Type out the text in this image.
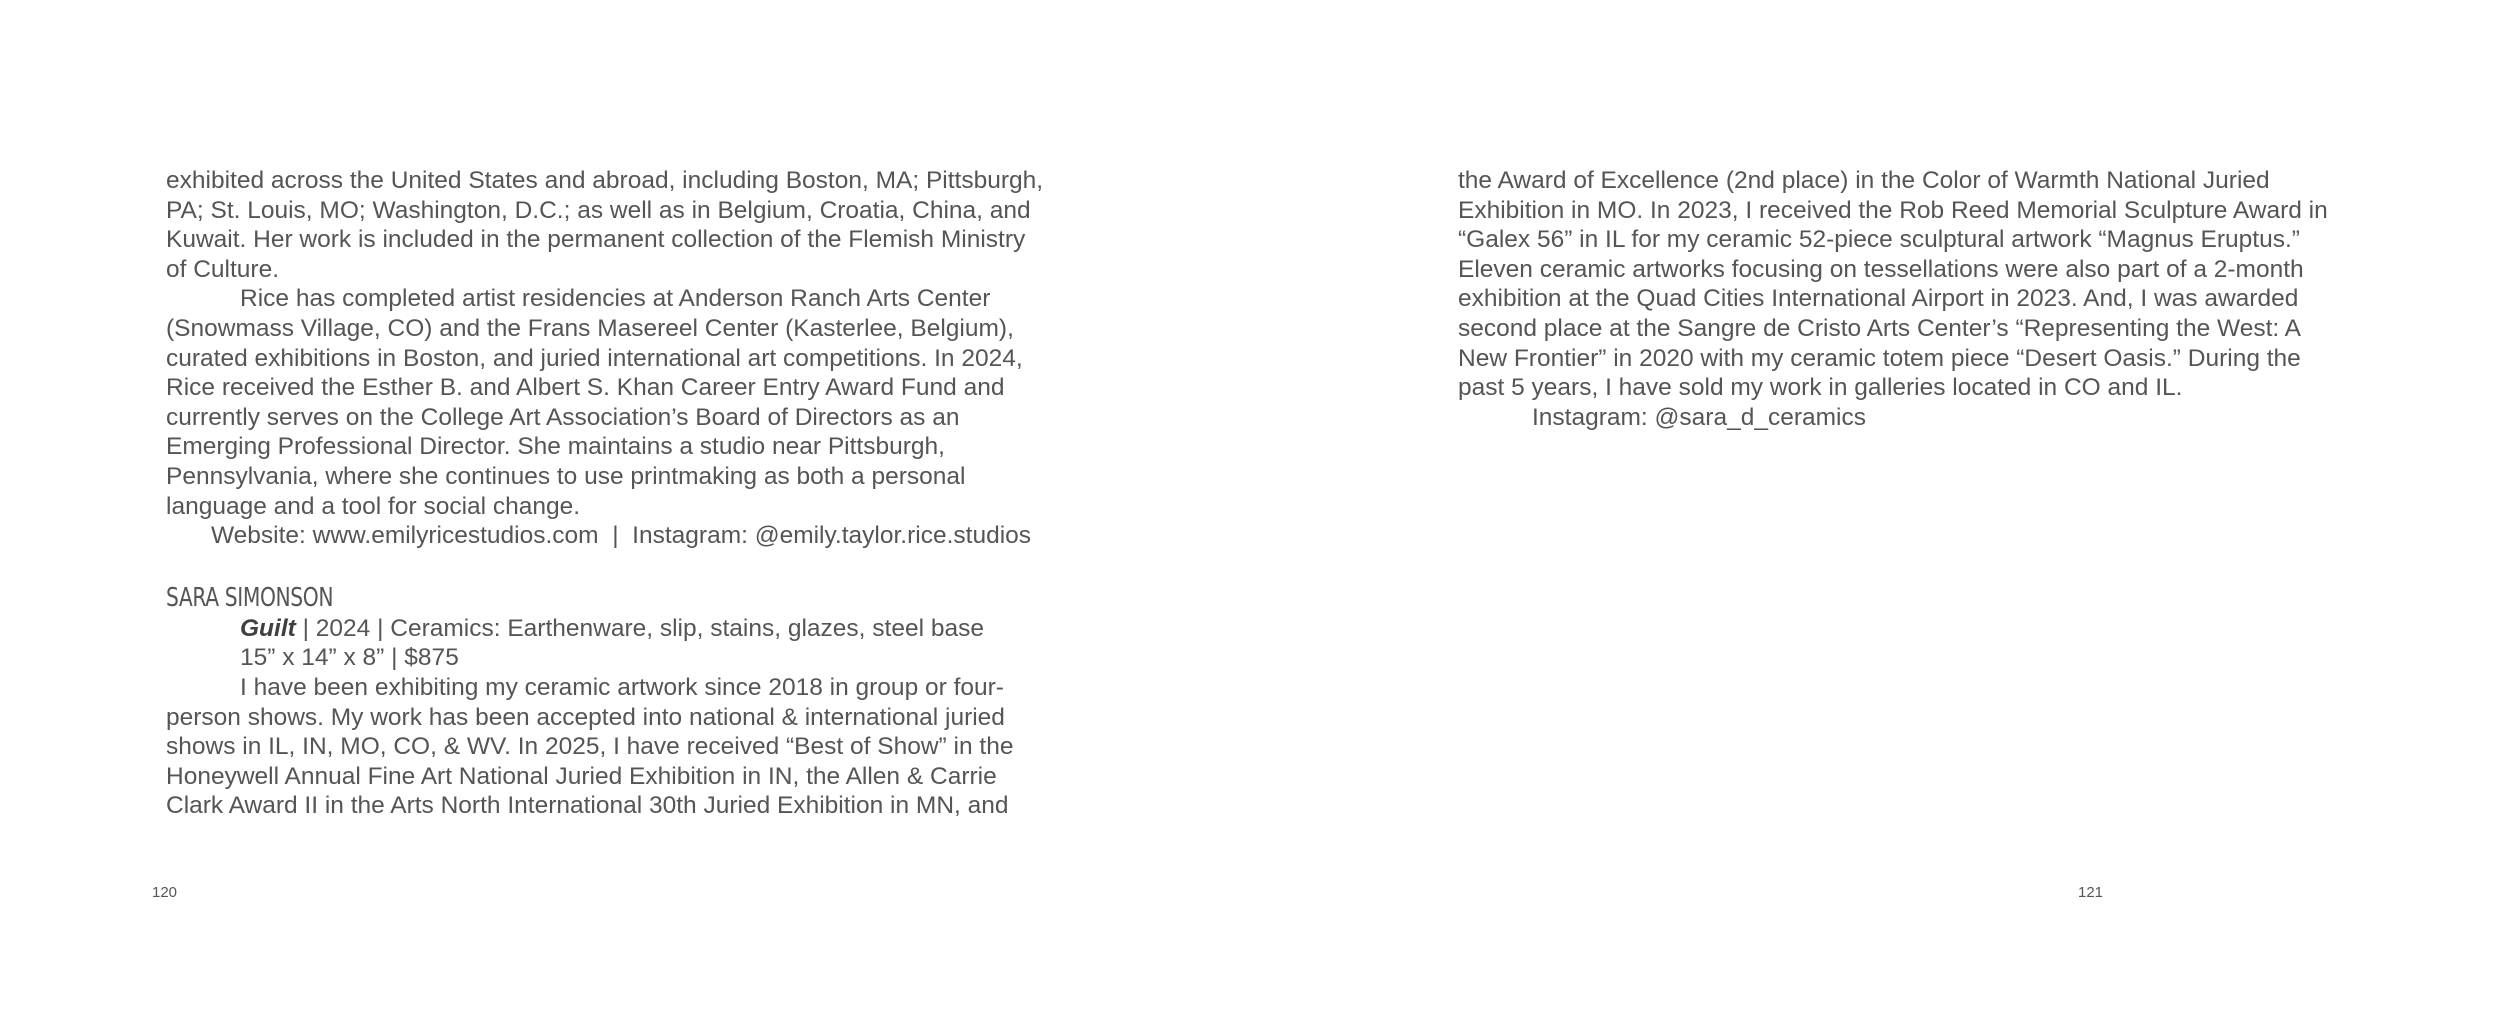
exhibited across the United States and abroad, including Boston, MA; Pittsburgh,
PA; St. Louis, MO; Washington, D.C.; as well as in Belgium, Croatia, China, and
Kuwait. Her work is included in the permanent collection of the Flemish Ministry
of Culture.
Rice has completed artist residencies at Anderson Ranch Arts Center
(Snowmass Village, CO) and the Frans Masereel Center (Kasterlee, Belgium),
curated exhibitions in Boston, and juried international art competitions. In 2024,
Rice received the Esther B. and Albert S. Khan Career Entry Award Fund and
currently serves on the College Art Association’s Board of Directors as an
Emerging Professional Director. She maintains a studio near Pittsburgh,
Pennsylvania, where she continues to use printmaking as both a personal
language and a tool for social change.
Website: www.emilyricestudios.com  |  Instagram: @emily.taylor.rice.studios
SARA SIMONSON
Guilt | 2024 | Ceramics: Earthenware, slip, stains, glazes, steel base
15” x 14” x 8” | $875
I have been exhibiting my ceramic artwork since 2018 in group or four-
person shows. My work has been accepted into national & international juried
shows in IL, IN, MO, CO, & WV. In 2025, I have received “Best of Show” in the
Honeywell Annual Fine Art National Juried Exhibition in IN, the Allen & Carrie
Clark Award II in the Arts North International 30th Juried Exhibition in MN, and
120
the Award of Excellence (2nd place) in the Color of Warmth National Juried
Exhibition in MO. In 2023, I received the Rob Reed Memorial Sculpture Award in
“Galex 56” in IL for my ceramic 52-piece sculptural artwork “Magnus Eruptus.”
Eleven ceramic artworks focusing on tessellations were also part of a 2-month
exhibition at the Quad Cities International Airport in 2023. And, I was awarded
second place at the Sangre de Cristo Arts Center’s “Representing the West: A
New Frontier” in 2020 with my ceramic totem piece “Desert Oasis.” During the
past 5 years, I have sold my work in galleries located in CO and IL.
Instagram: @sara_d_ceramics
121
